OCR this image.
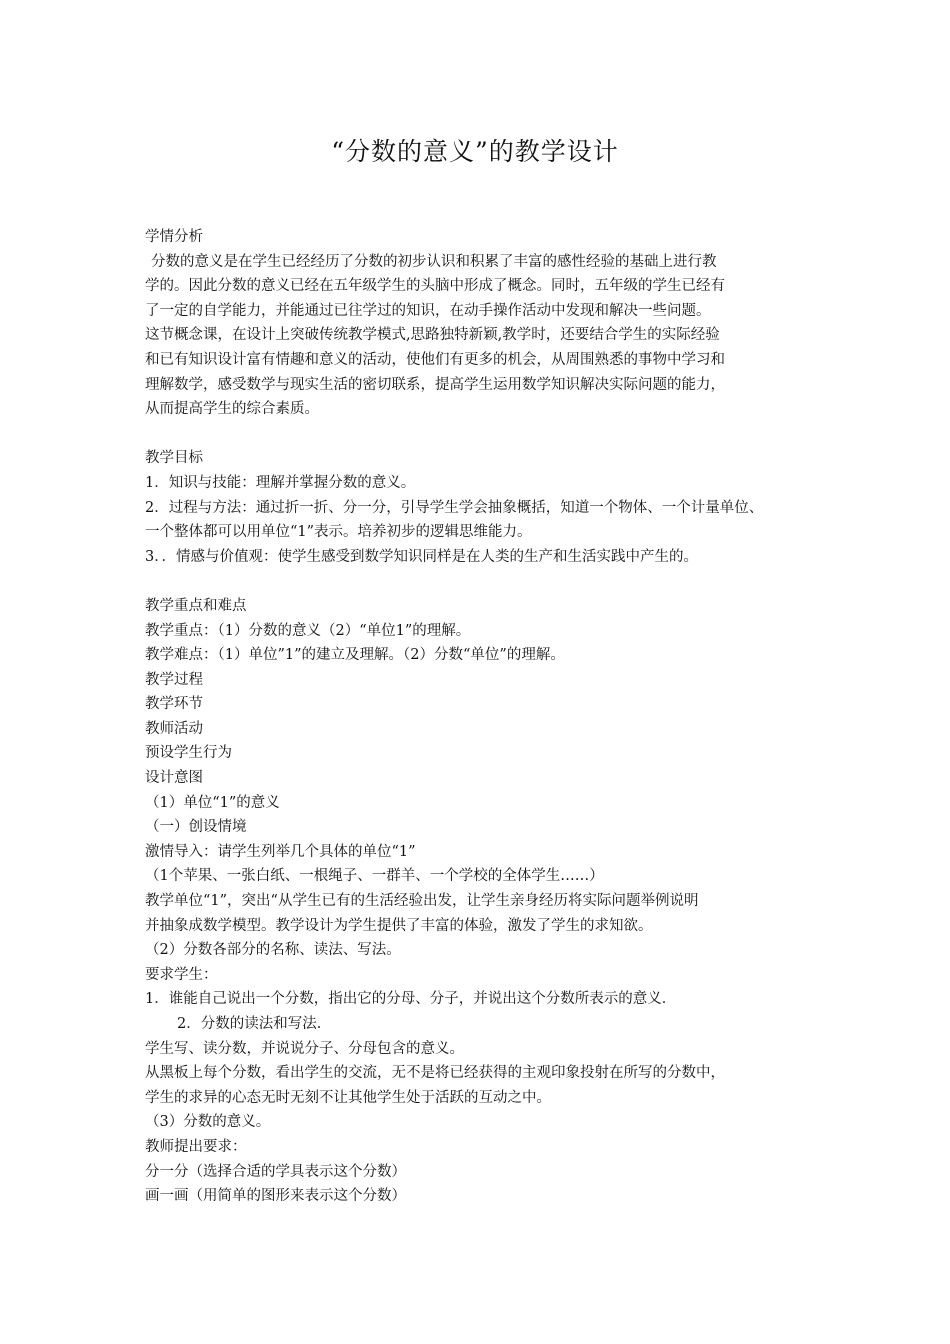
“分数的意义”的教学设计

学情分析

分数的意义是在学生已经经历了分数的初步认识和积累了丰富的感性经验的基础上进行教

学的。因此分数的意义已经在五年级学生的头脑中形成了概念。同时，五年级的学生已经有

了一定的自学能力，并能通过已往学过的知识，在动手操作活动中发现和解决一些问题。

这节概念课，在设计上突破传统教学模式,思路独特新颖,教学时，还要结合学生的实际经验

和已有知识设计富有情趣和意义的活动，使他们有更多的机会，从周围熟悉的事物中学习和

理解数学，感受数学与现实生活的密切联系，提高学生运用数学知识解决实际问题的能力，

从而提高学生的综合素质。

教学目标

1．知识与技能：理解并掌握分数的意义。

2．过程与方法：通过折一折、分一分，引导学生学会抽象概括，知道一个物体、一个计量单位、

一个整体都可以用单位“1”表示。培养初步的逻辑思维能力。

3．．情感与价值观：使学生感受到数学知识同样是在人类的生产和生活实践中产生的。

教学重点和难点

教学重点：（1）分数的意义（2）“单位1”的理解。

教学难点：（1）单位”1”的建立及理解。（2）分数“单位”的理解。

教学过程

教学环节

教师活动

预设学生行为

设计意图

（1）单位“1”的意义

（一）创设情境

激情导入：请学生列举几个具体的单位“1”

（1个苹果、一张白纸、一根绳子、一群羊、一个学校的全体学生……）

教学单位“1”，突出“从学生已有的生活经验出发，让学生亲身经历将实际问题举例说明

并抽象成数学模型。教学设计为学生提供了丰富的体验，激发了学生的求知欲。

（2）分数各部分的名称、读法、写法。

要求学生：

1．谁能自己说出一个分数，指出它的分母、分子，并说出这个分数所表示的意义．

2．分数的读法和写法．

学生写、读分数，并说说分子、分母包含的意义。

从黑板上每个分数，看出学生的交流，无不是将已经获得的主观印象投射在所写的分数中，

学生的求异的心态无时无刻不让其他学生处于活跃的互动之中。

（3）分数的意义。

教师提出要求：

分一分（选择合适的学具表示这个分数）

画一画（用简单的图形来表示这个分数）
